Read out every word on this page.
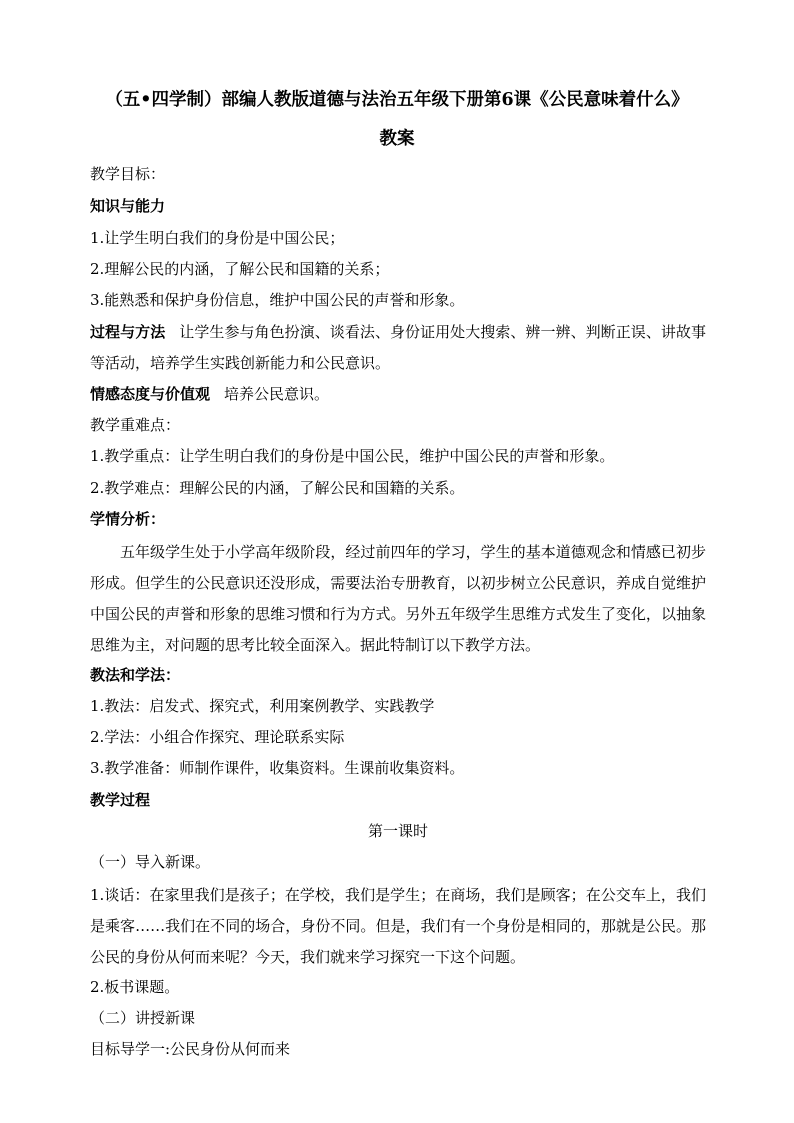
（五•四学制）部编人教版道德与法治五年级下册第6课《公民意味着什么》
教案
教学目标：
知识与能力
1.让学生明白我们的身份是中国公民；
2.理解公民的内涵，了解公民和国籍的关系；
3.能熟悉和保护身份信息，维护中国公民的声誉和形象。
过程与方法 让学生参与角色扮演、谈看法、身份证用处大搜索、辨一辨、判断正误、讲故事等活动，培养学生实践创新能力和公民意识。
情感态度与价值观 培养公民意识。
教学重难点：
1.教学重点：让学生明白我们的身份是中国公民，维护中国公民的声誉和形象。
2.教学难点：理解公民的内涵，了解公民和国籍的关系。
学情分析：
五年级学生处于小学高年级阶段，经过前四年的学习，学生的基本道德观念和情感已初步形成。但学生的公民意识还没形成，需要法治专册教育，以初步树立公民意识，养成自觉维护中国公民的声誉和形象的思维习惯和行为方式。另外五年级学生思维方式发生了变化，以抽象思维为主，对问题的思考比较全面深入。据此特制订以下教学方法。
教法和学法：
1.教法：启发式、探究式，利用案例教学、实践教学
2.学法：小组合作探究、理论联系实际
3.教学准备：师制作课件，收集资料。生课前收集资料。
教学过程
第一课时
（一）导入新课。
1.谈话：在家里我们是孩子；在学校，我们是学生；在商场，我们是顾客；在公交车上，我们是乘客……我们在不同的场合，身份不同。但是，我们有一个身份是相同的，那就是公民。那公民的身份从何而来呢？今天，我们就来学习探究一下这个问题。
2.板书课题。
（二）讲授新课
目标导学一:公民身份从何而来
